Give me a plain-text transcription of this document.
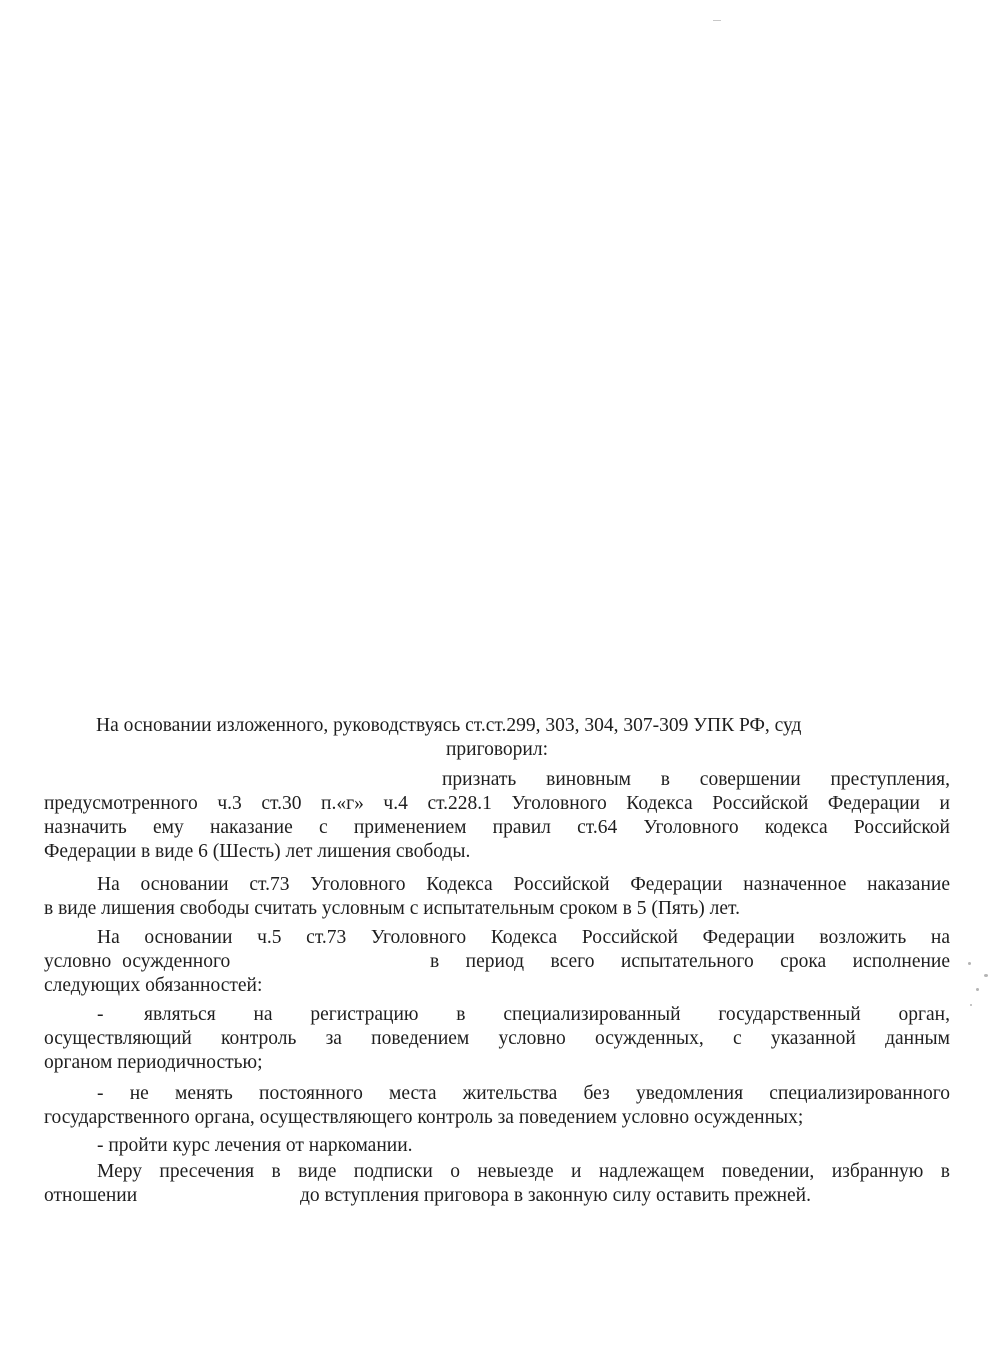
На основании изложенного, руководствуясь ст.ст.299, 303, 304, 307-309 УПК РФ, суд
приговорил:
признать виновным в совершении преступления,
предусмотренного ч.3 ст.30 п.«г» ч.4 ст.228.1 Уголовного Кодекса Российской Федерации и
назначить ему наказание с применением правил ст.64 Уголовного кодекса Российской
Федерации в виде 6 (Шесть) лет лишения свободы.
На основании ст.73 Уголовного Кодекса Российской Федерации назначенное наказание
в виде лишения свободы считать условным с испытательным сроком в 5 (Пять) лет.
На основании ч.5 ст.73 Уголовного Кодекса Российской Федерации возложить на
условно осужденного	в период всего испытательного срока исполнение
следующих обязанностей:
- являться на регистрацию в специализированный государственный орган,
осуществляющий контроль за поведением условно осужденных, с указанной данным
органом периодичностью;
- не менять постоянного места жительства без уведомления специализированного
государственного органа, осуществляющего контроль за поведением условно осужденных;
- пройти курс лечения от наркомании.
Меру пресечения в виде подписки о невыезде и надлежащем поведении, избранную в
отношении	до вступления приговора в законную силу оставить прежней.
